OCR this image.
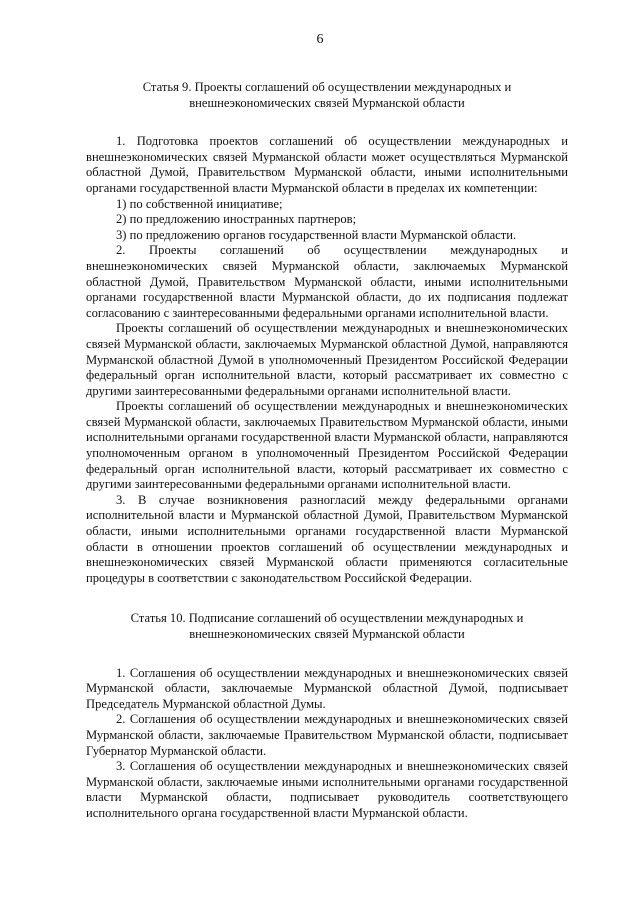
6

Статья 9. Проекты соглашений об осуществлении международных и внешнеэкономических связей Мурманской области

1. Подготовка проектов соглашений об осуществлении международных и внешнеэкономических связей Мурманской области может осуществляться Мурманской областной Думой, Правительством Мурманской области, иными исполнительными органами государственной власти Мурманской области в пределах их компетенции:

1) по собственной инициативе;

2) по предложению иностранных партнеров;

3) по предложению органов государственной власти Мурманской области.

2. Проекты соглашений об осуществлении международных и внешнеэкономических связей Мурманской области, заключаемых Мурманской областной Думой, Правительством Мурманской области, иными исполнительными органами государственной власти Мурманской области, до их подписания подлежат согласованию с заинтересованными федеральными органами исполнительной власти.

Проекты соглашений об осуществлении международных и внешнеэкономических связей Мурманской области, заключаемых Мурманской областной Думой, направляются Мурманской областной Думой в уполномоченный Президентом Российской Федерации федеральный орган исполнительной власти, который рассматривает их совместно с другими заинтересованными федеральными органами исполнительной власти.

Проекты соглашений об осуществлении международных и внешнеэкономических связей Мурманской области, заключаемых Правительством Мурманской области, иными исполнительными органами государственной власти Мурманской области, направляются уполномоченным органом в уполномоченный Президентом Российской Федерации федеральный орган исполнительной власти, который рассматривает их совместно с другими заинтересованными федеральными органами исполнительной власти.

3. В случае возникновения разногласий между федеральными органами исполнительной власти и Мурманской областной Думой, Правительством Мурманской области, иными исполнительными органами государственной власти Мурманской области в отношении проектов соглашений об осуществлении международных и внешнеэкономических связей Мурманской области применяются согласительные процедуры в соответствии с законодательством Российской Федерации.

Статья 10. Подписание соглашений об осуществлении международных и внешнеэкономических связей Мурманской области

1. Соглашения об осуществлении международных и внешнеэкономических связей Мурманской области, заключаемые Мурманской областной Думой, подписывает Председатель Мурманской областной Думы.

2. Соглашения об осуществлении международных и внешнеэкономических связей Мурманской области, заключаемые Правительством Мурманской области, подписывает Губернатор Мурманской области.

3. Соглашения об осуществлении международных и внешнеэкономических связей Мурманской области, заключаемые иными исполнительными органами государственной власти Мурманской области, подписывает руководитель соответствующего исполнительного органа государственной власти Мурманской области.
